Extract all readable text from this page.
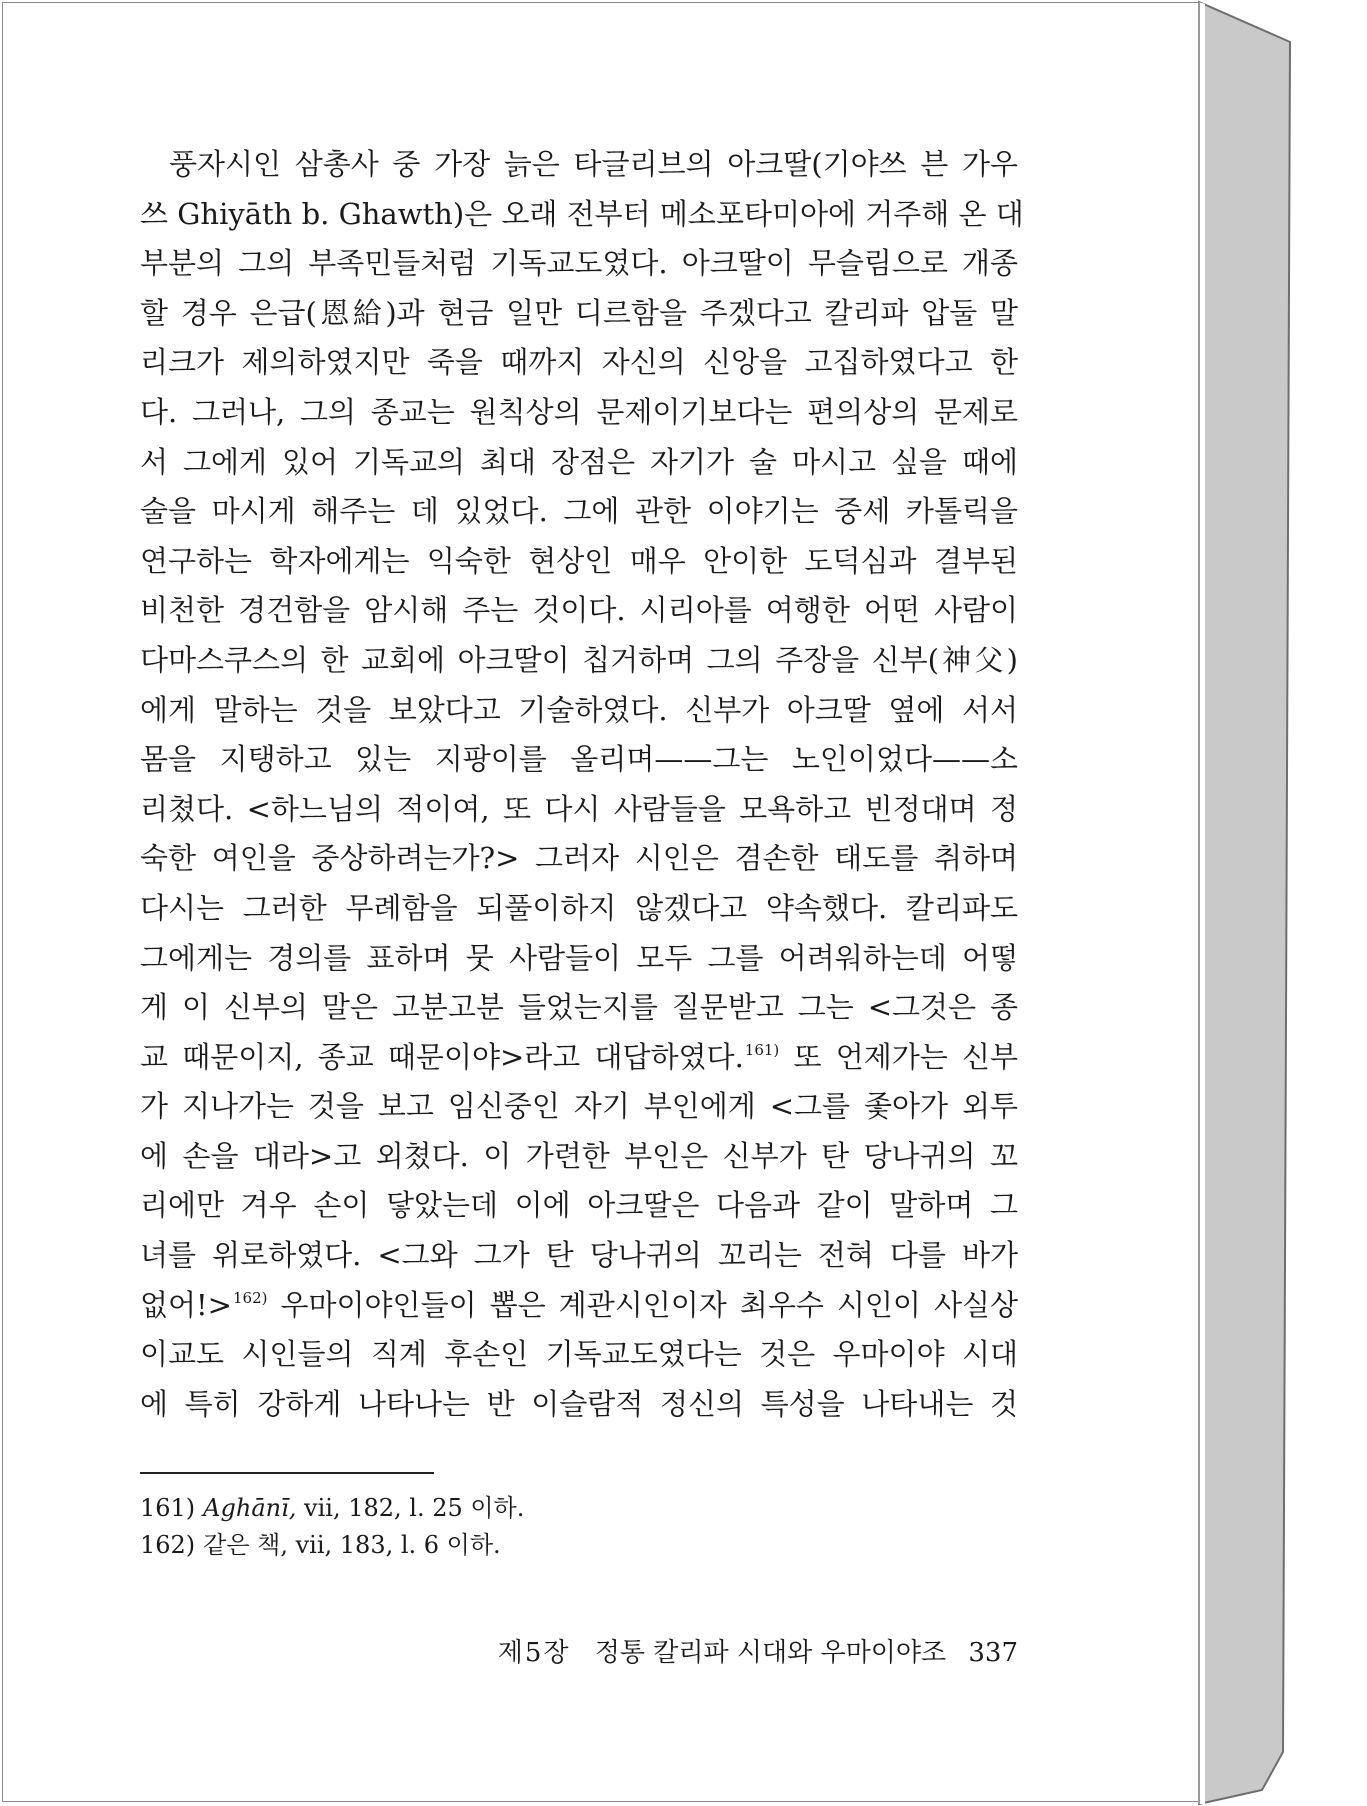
풍자시인 삼총사 중 가장 늙은 타글리브의 아크딸(기야쓰 븐 가우
쓰 Ghiyāth b. Ghawth)은 오래 전부터 메소포타미아에 거주해 온 대
부분의 그의 부족민들처럼 기독교도였다. 아크딸이 무슬림으로 개종
할 경우 은급(恩給)과 현금 일만 디르함을 주겠다고 칼리파 압둘 말
리크가 제의하였지만 죽을 때까지 자신의 신앙을 고집하였다고 한
다. 그러나, 그의 종교는 원칙상의 문제이기보다는 편의상의 문제로
서 그에게 있어 기독교의 최대 장점은 자기가 술 마시고 싶을 때에
술을 마시게 해주는 데 있었다. 그에 관한 이야기는 중세 카톨릭을
연구하는 학자에게는 익숙한 현상인 매우 안이한 도덕심과 결부된
비천한 경건함을 암시해 주는 것이다. 시리아를 여행한 어떤 사람이
다마스쿠스의 한 교회에 아크딸이 칩거하며 그의 주장을 신부(神父)
에게 말하는 것을 보았다고 기술하였다. 신부가 아크딸 옆에 서서
몸을 지탱하고 있는 지팡이를 올리며——그는 노인이었다——소
리쳤다. <하느님의 적이여, 또 다시 사람들을 모욕하고 빈정대며 정
숙한 여인을 중상하려는가?> 그러자 시인은 겸손한 태도를 취하며
다시는 그러한 무례함을 되풀이하지 않겠다고 약속했다. 칼리파도
그에게는 경의를 표하며 뭇 사람들이 모두 그를 어려워하는데 어떻
게 이 신부의 말은 고분고분 들었는지를 질문받고 그는 <그것은 종
교 때문이지, 종교 때문이야>라고 대답하였다.$^{161)}$ 또 언제가는 신부
가 지나가는 것을 보고 임신중인 자기 부인에게 <그를 좇아가 외투
에 손을 대라>고 외쳤다. 이 가련한 부인은 신부가 탄 당나귀의 꼬
리에만 겨우 손이 닿았는데 이에 아크딸은 다음과 같이 말하며 그
녀를 위로하였다. <그와 그가 탄 당나귀의 꼬리는 전혀 다를 바가
없어!>$^{162)}$ 우마이야인들이 뽑은 계관시인이자 최우수 시인이 사실상
이교도 시인들의 직계 후손인 기독교도였다는 것은 우마이야 시대
에 특히 강하게 나타나는 반 이슬람적 정신의 특성을 나타내는 것
161) Aghānī, vii, 182, l. 25 이하.
162) 같은 책, vii, 183, l. 6 이하.
제5장 정통 칼리파 시대와 우마이야조 337
